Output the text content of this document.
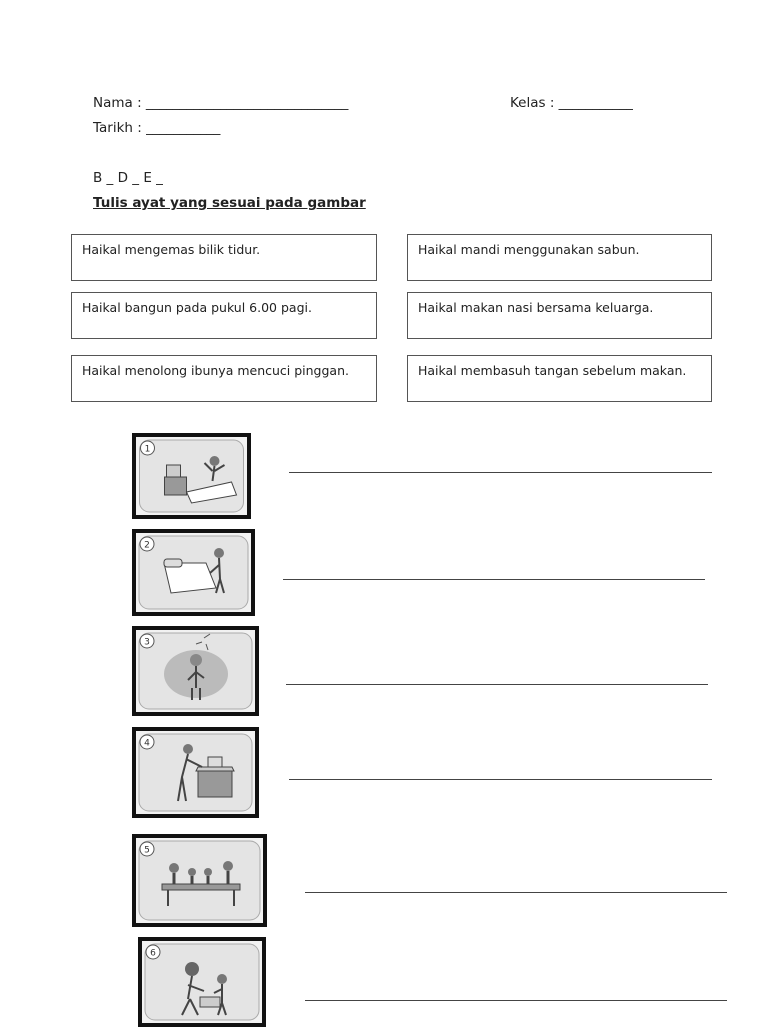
Nama : ______________________________	Kelas : ___________
Tarikh : ___________
B _ D _ E _
Tulis ayat yang sesuai pada gambar
Haikal mengemas bilik tidur.	Haikal mandi menggunakan sabun.
Haikal bangun pada pukul 6.00 pagi.	Haikal makan nasi bersama keluarga.
Haikal menolong ibunya mencuci pinggan.	Haikal membasuh tangan sebelum makan.
1
2
3
4
5
6
